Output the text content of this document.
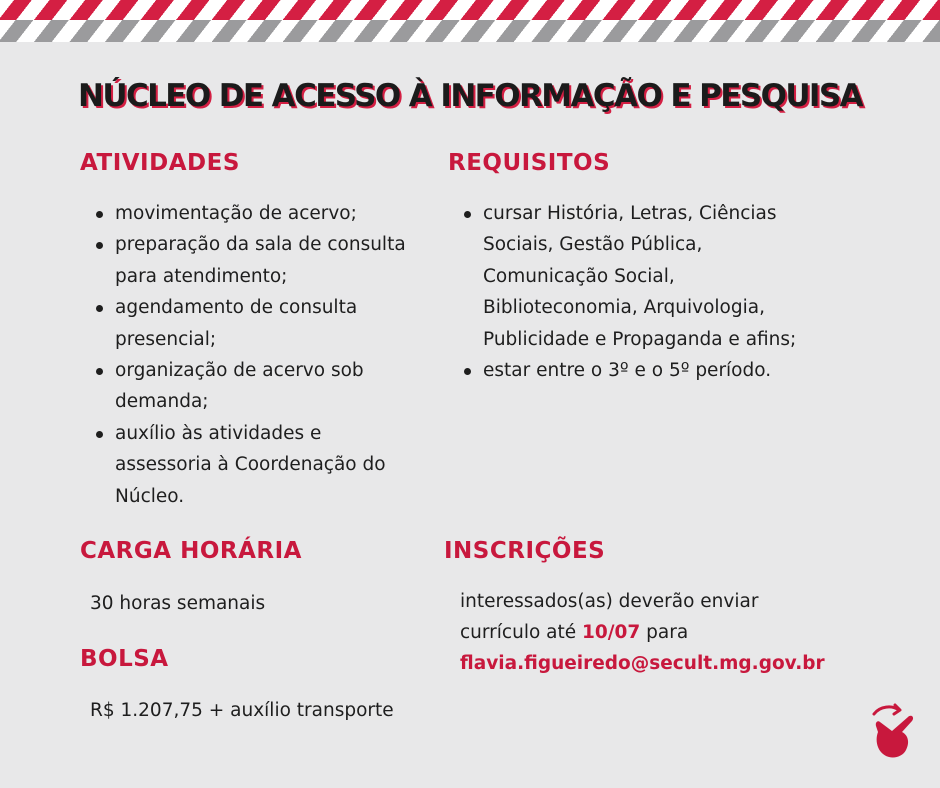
NÚCLEO DE ACESSO À INFORMAÇÃO E PESQUISA
ATIVIDADES
movimentação de acervo;
preparação da sala de consulta para atendimento;
agendamento de consulta presencial;
organização de acervo sob demanda;
auxílio às atividades e assessoria à Coordenação do Núcleo.
REQUISITOS
cursar História, Letras, Ciências Sociais, Gestão Pública, Comunicação Social, Biblioteconomia, Arquivologia, Publicidade e Propaganda e afins;
estar entre o 3º e o 5º período.
CARGA HORÁRIA
30 horas semanais
BOLSA
R$ 1.207,75 + auxílio transporte
INSCRIÇÕES
interessados(as) deverão enviar
currículo até 10/07 para
flavia.figueiredo@secult.mg.gov.br
